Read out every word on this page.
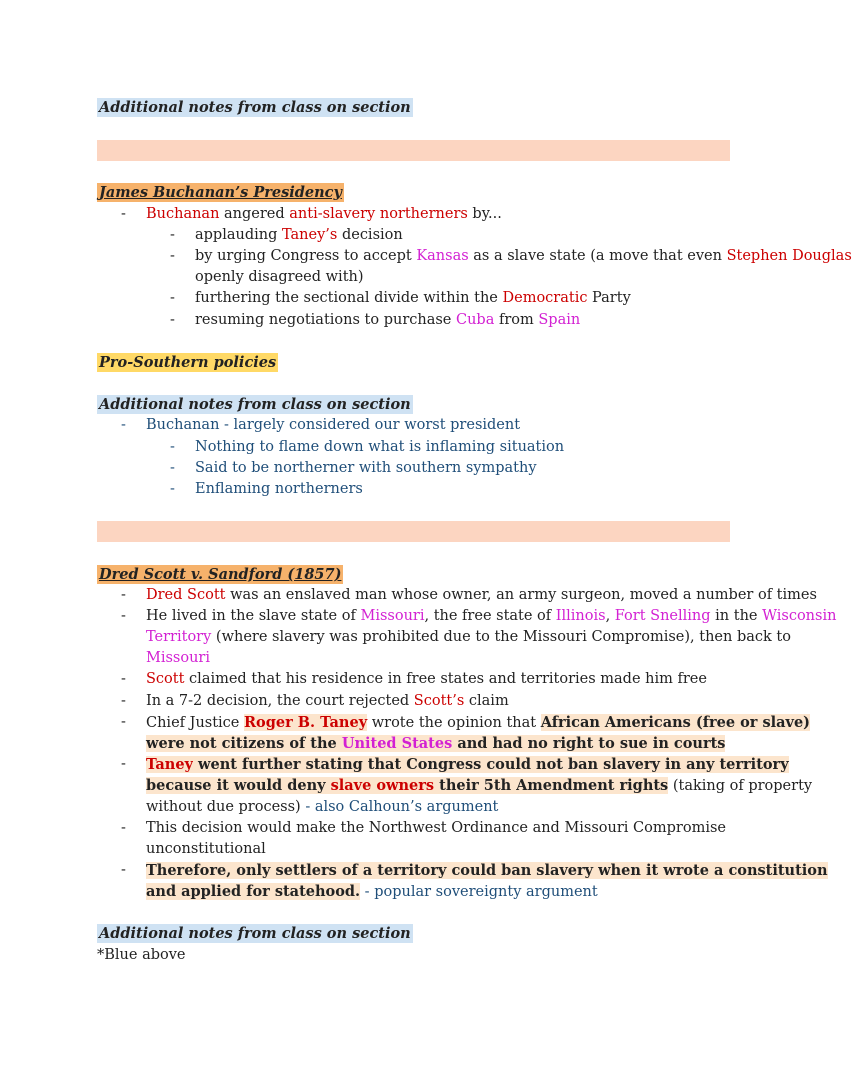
Additional notes from class on section
James Buchanan’s Presidency
- Buchanan angered anti-slavery northerners by...
- applauding Taney’s decision
- by urging Congress to accept Kansas as a slave state (a move that even Stephen Douglas
openly disagreed with)
- furthering the sectional divide within the Democratic Party
- resuming negotiations to purchase Cuba from Spain
Pro-Southern policies
Additional notes from class on section
- Buchanan - largely considered our worst president
- Nothing to flame down what is inflaming situation
- Said to be northerner with southern sympathy
- Enflaming northerners
Dred Scott v. Sandford (1857)
- Dred Scott was an enslaved man whose owner, an army surgeon, moved a number of times
- He lived in the slave state of Missouri, the free state of Illinois, Fort Snelling in the Wisconsin
Territory (where slavery was prohibited due to the Missouri Compromise), then back to
Missouri
- Scott claimed that his residence in free states and territories made him free
- In a 7-2 decision, the court rejected Scott’s claim
- Chief Justice Roger B. Taney wrote the opinion that African Americans (free or slave)
were not citizens of the United States and had no right to sue in courts
- Taney went further stating that Congress could not ban slavery in any territory
because it would deny slave owners their 5th Amendment rights (taking of property
without due process) - also Calhoun’s argument
- This decision would make the Northwest Ordinance and Missouri Compromise
unconstitutional
- Therefore, only settlers of a territory could ban slavery when it wrote a constitution
and applied for statehood. - popular sovereignty argument
Additional notes from class on section
*Blue above
